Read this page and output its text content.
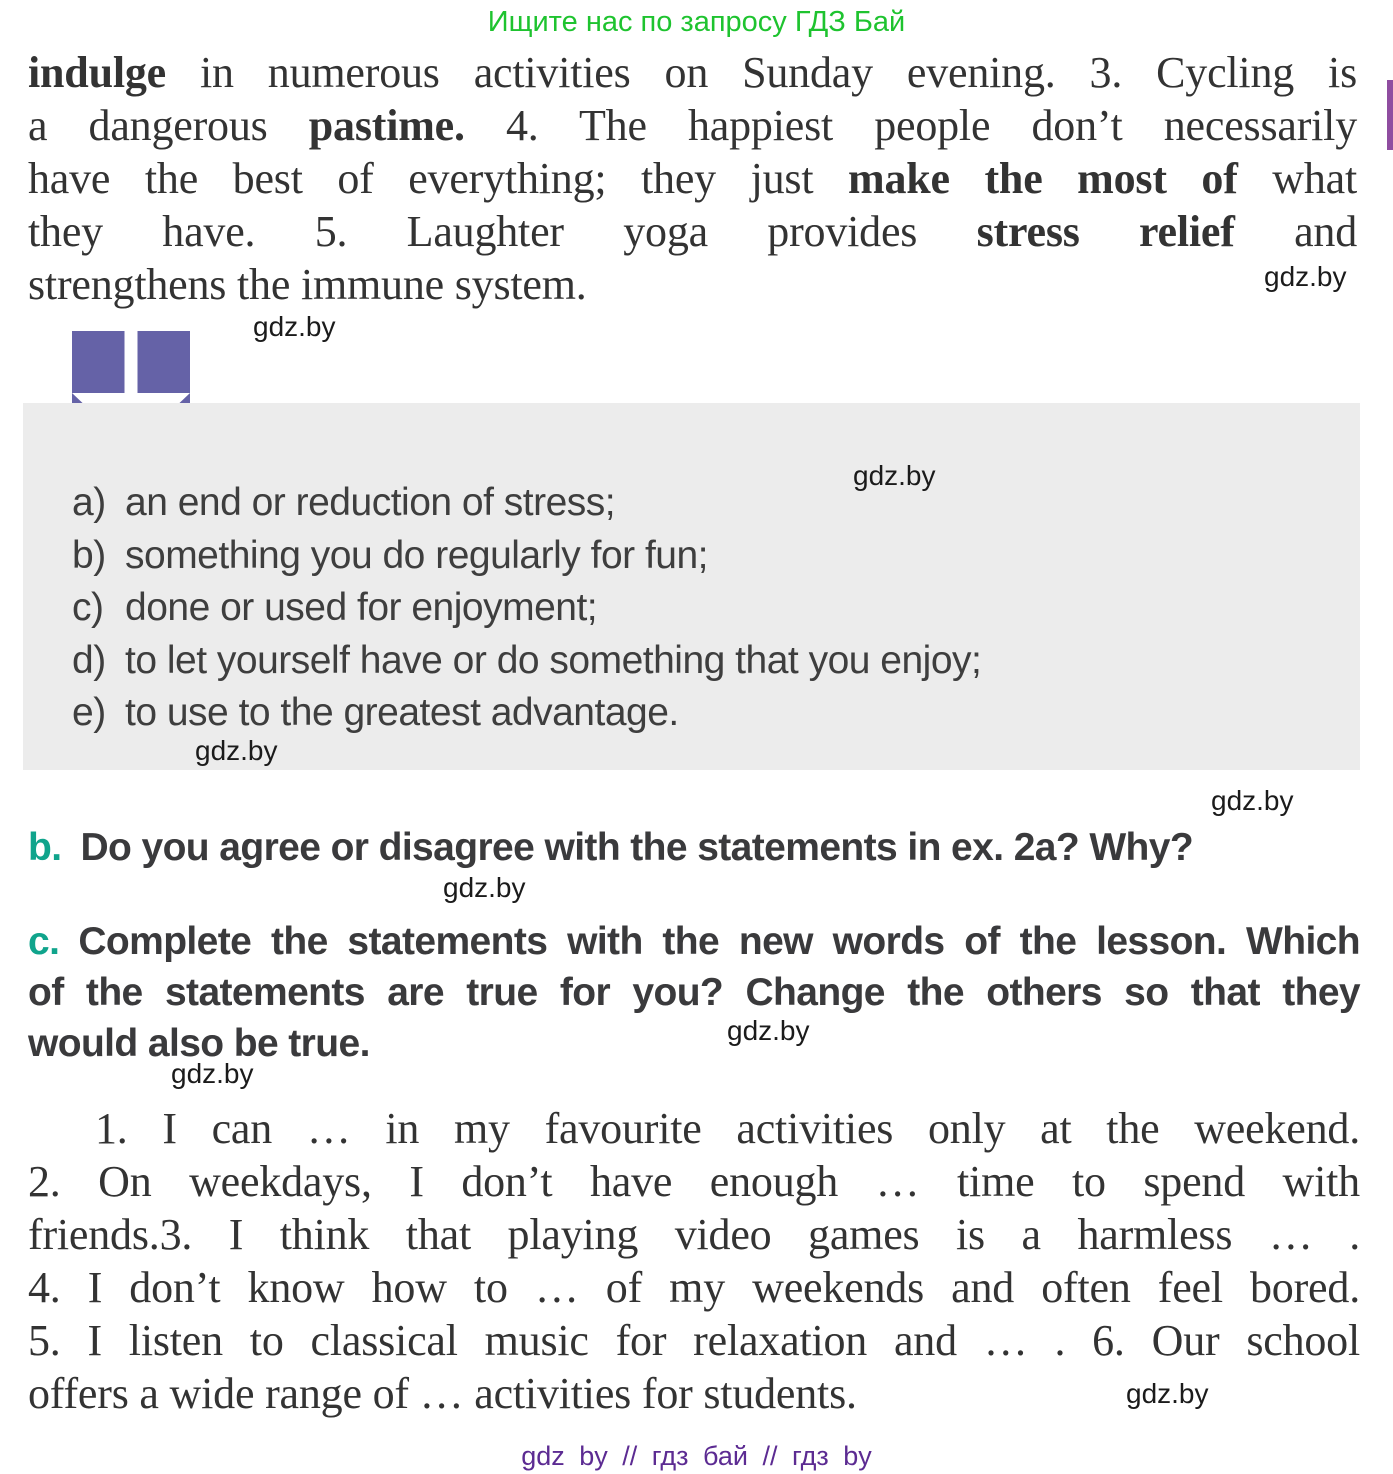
Ищите нас по запросу ГДЗ Бай
indulge in numerous activities on Sunday evening. 3. Cycling is
a dangerous pastime. 4. The happiest people don’t necessarily
have the best of everything; they just make the most of what
they have. 5. Laughter yoga provides stress relief and
strengthens the immune system.
a) an end or reduction of stress;
b) something you do regularly for fun;
c) done or used for enjoyment;
d) to let yourself have or do something that you enjoy;
e) to use to the greatest advantage.
b. Do you agree or disagree with the statements in ex. 2a? Why?
c. Complete the statements with the new words of the lesson. Which
of the statements are true for you? Change the others so that they
would also be true.
1. I can … in my favourite activities only at the weekend.
2. On weekdays, I don’t have enough … time to spend with
friends.3. I think that playing video games is a harmless … .
4. I don’t know how to … of my weekends and often feel bored.
5. I listen to classical music for relaxation and … . 6. Our school
offers a wide range of … activities for students.
gdz.by
gdz.by
gdz.by
gdz.by
gdz.by
gdz.by
gdz.by
gdz.by
gdz.by
gdz by // гдз бай // гдз by
